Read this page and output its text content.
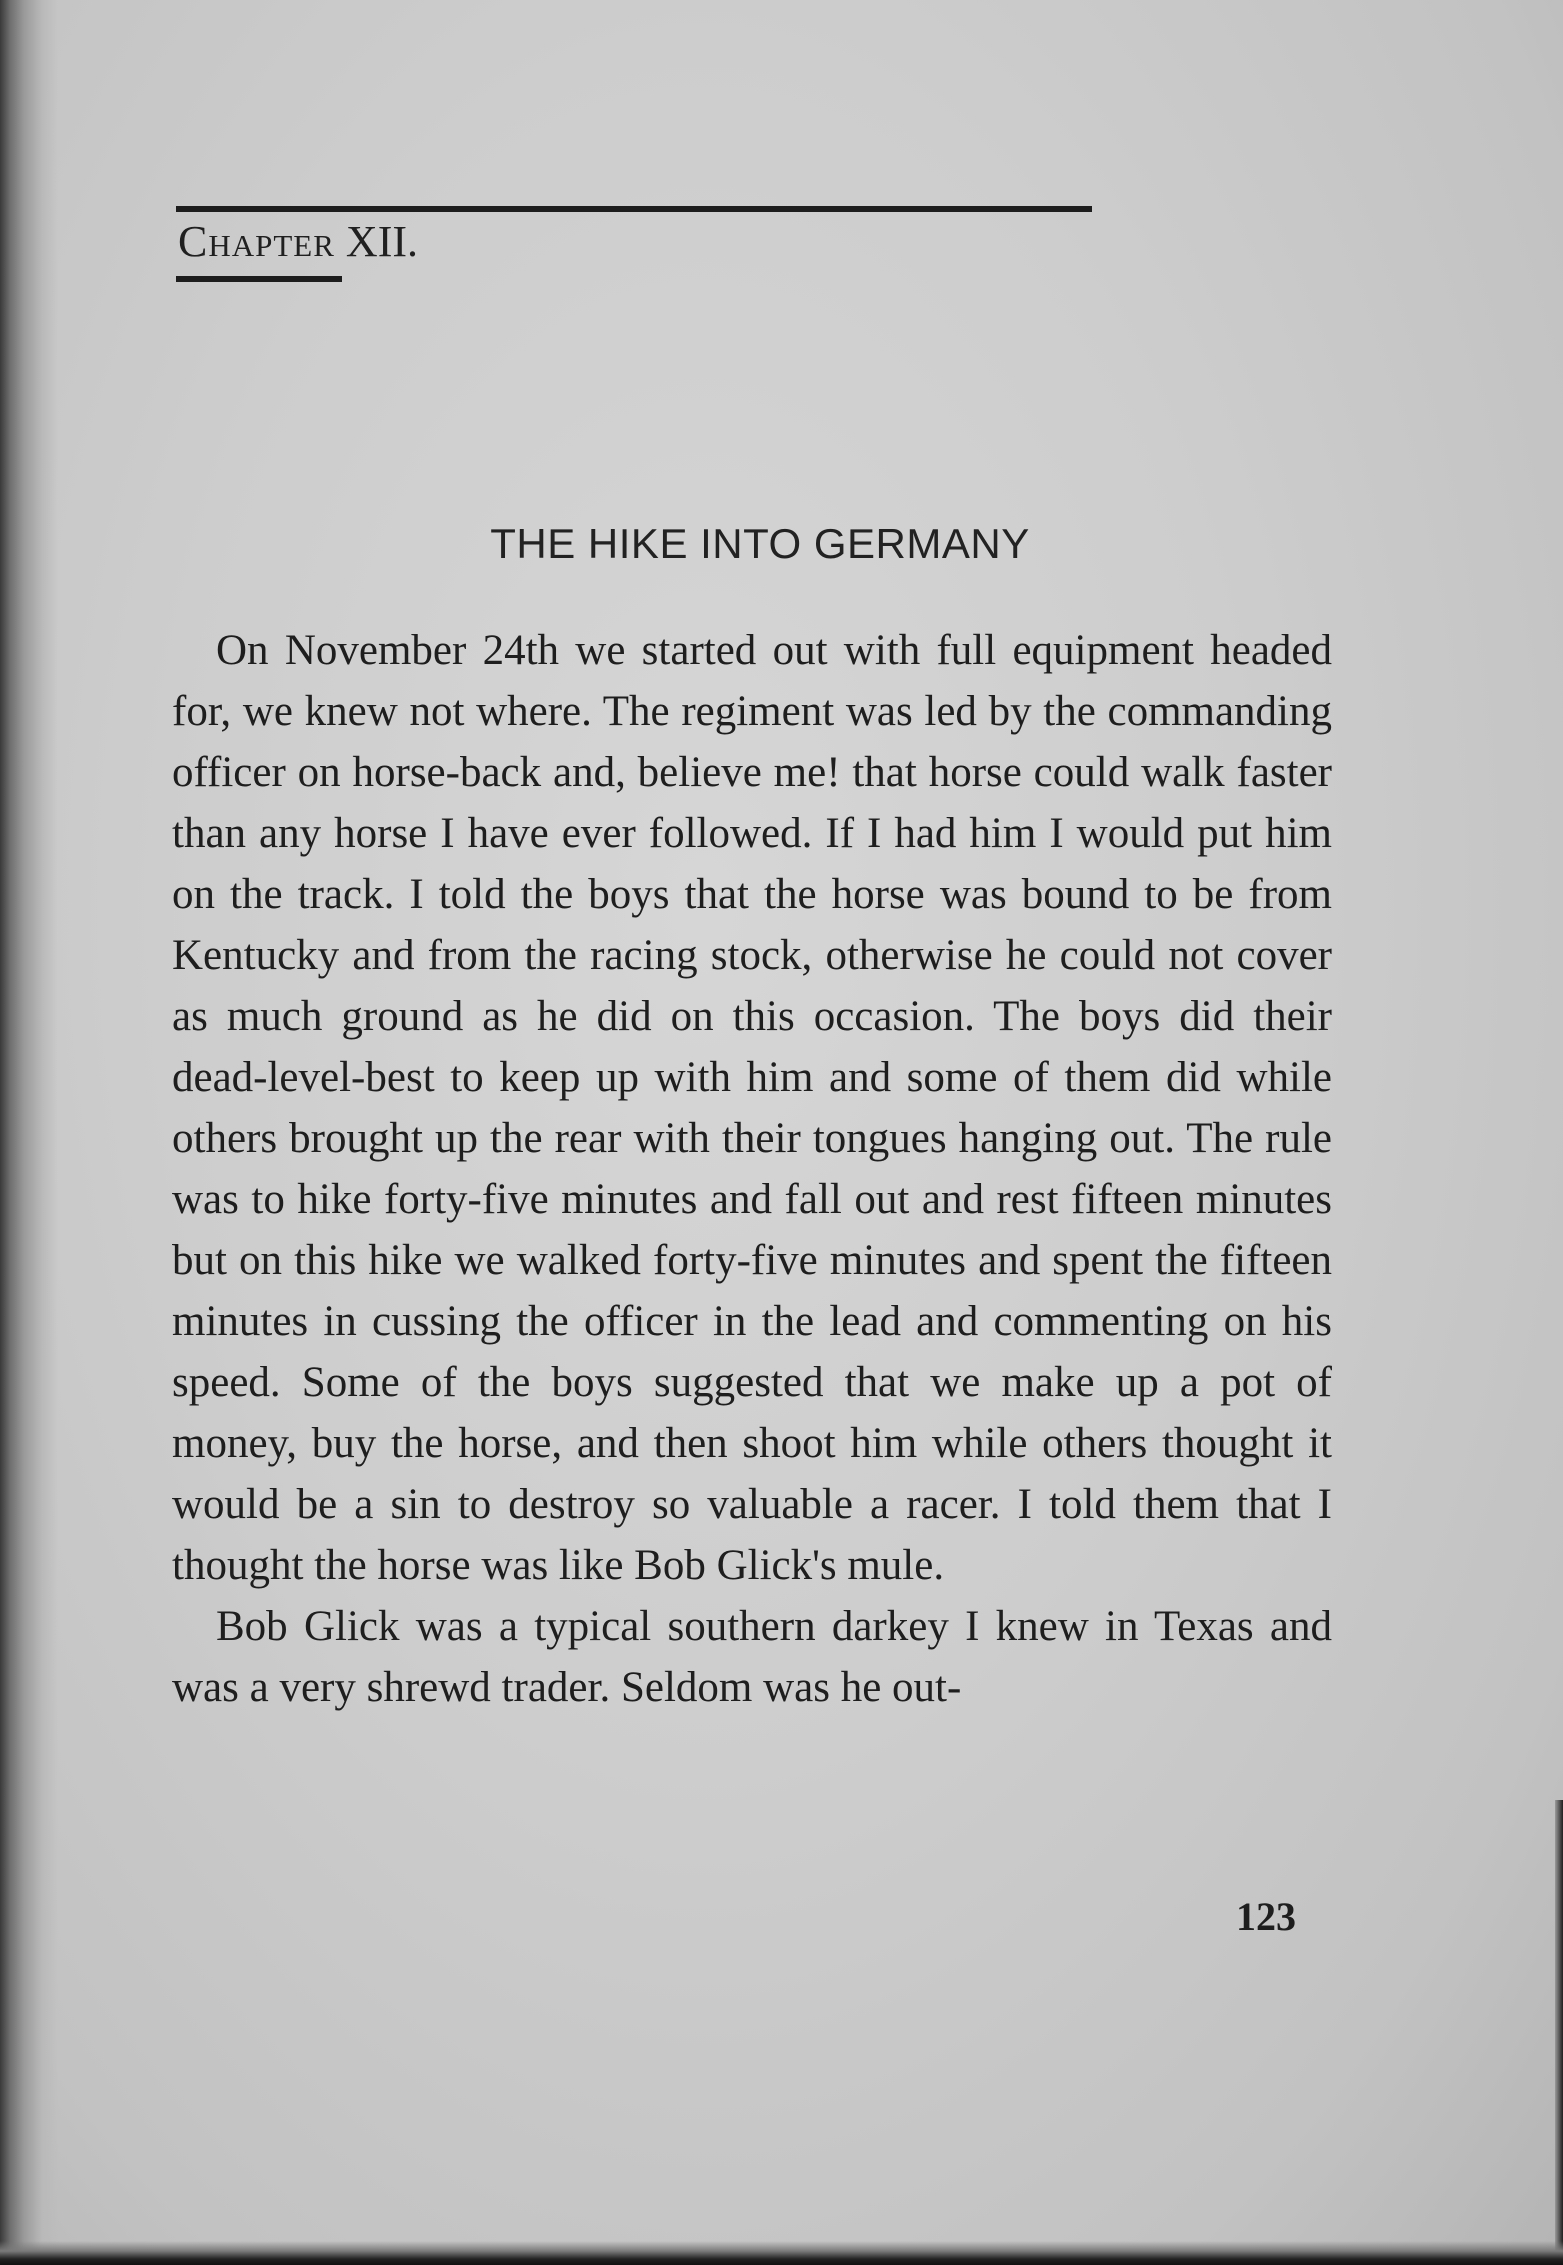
Chapter XII.
THE HIKE INTO GERMANY

On November 24th we started out with full equipment headed for, we knew not where. The regiment was led by the commanding officer on horse-back and, believe me! that horse could walk faster than any horse I have ever followed. If I had him I would put him on the track. I told the boys that the horse was bound to be from Kentucky and from the racing stock, otherwise he could not cover as much ground as he did on this occasion. The boys did their dead-level-best to keep up with him and some of them did while others brought up the rear with their tongues hanging out. The rule was to hike forty-five minutes and fall out and rest fifteen minutes but on this hike we walked forty-five minutes and spent the fifteen minutes in cussing the officer in the lead and commenting on his speed. Some of the boys suggested that we make up a pot of money, buy the horse, and then shoot him while others thought it would be a sin to destroy so valuable a racer. I told them that I thought the horse was like Bob Glick's mule.

Bob Glick was a typical southern darkey I knew in Texas and was a very shrewd trader. Seldom was he out-

123
